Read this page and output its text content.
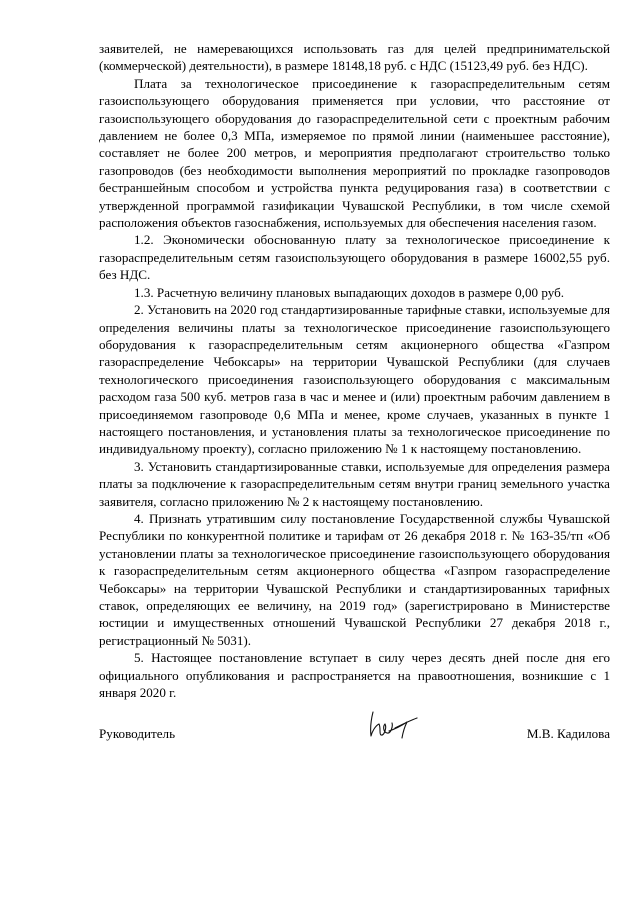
заявителей, не намеревающихся использовать газ для целей предпринимательской (коммерческой) деятельности), в размере 18148,18 руб. с НДС (15123,49 руб. без НДС).

Плата за технологическое присоединение к газораспределительным сетям газоиспользующего оборудования применяется при условии, что расстояние от газоиспользующего оборудования до газораспределительной сети с проектным рабочим давлением не более 0,3 МПа, измеряемое по прямой линии (наименьшее расстояние), составляет не более 200 метров, и мероприятия предполагают строительство только газопроводов (без необходимости выполнения мероприятий по прокладке газопроводов бестраншейным способом и устройства пункта редуцирования газа) в соответствии с утвержденной программой газификации Чувашской Республики, в том числе схемой расположения объектов газоснабжения, используемых для обеспечения населения газом.

1.2. Экономически обоснованную плату за технологическое присоединение к газораспределительным сетям газоиспользующего оборудования в размере 16002,55 руб. без НДС.

1.3. Расчетную величину плановых выпадающих доходов в размере 0,00 руб.

2. Установить на 2020 год стандартизированные тарифные ставки, используемые для определения величины платы за технологическое присоединение газоиспользующего оборудования к газораспределительным сетям акционерного общества «Газпром газораспределение Чебоксары» на территории Чувашской Республики (для случаев технологического присоединения газоиспользующего оборудования с максимальным расходом газа 500 куб. метров газа в час и менее и (или) проектным рабочим давлением в присоединяемом газопроводе 0,6 МПа и менее, кроме случаев, указанных в пункте 1 настоящего постановления, и установления платы за технологическое присоединение по индивидуальному проекту), согласно приложению № 1 к настоящему постановлению.

3. Установить стандартизированные ставки, используемые для определения размера платы за подключение к газораспределительным сетям внутри границ земельного участка заявителя, согласно приложению № 2 к настоящему постановлению.

4. Признать утратившим силу постановление Государственной службы Чувашской Республики по конкурентной политике и тарифам от 26 декабря 2018 г. № 163-35/тп «Об установлении платы за технологическое присоединение газоиспользующего оборудования к газораспределительным сетям акционерного общества «Газпром газораспределение Чебоксары» на территории Чувашской Республики и стандартизированных тарифных ставок, определяющих ее величину, на 2019 год» (зарегистрировано в Министерстве юстиции и имущественных отношений Чувашской Республики 27 декабря 2018 г., регистрационный № 5031).

5. Настоящее постановление вступает в силу через десять дней после дня его официального опубликования и распространяется на правоотношения, возникшие с 1 января 2020 г.

Руководитель	М.В. Кадилова
